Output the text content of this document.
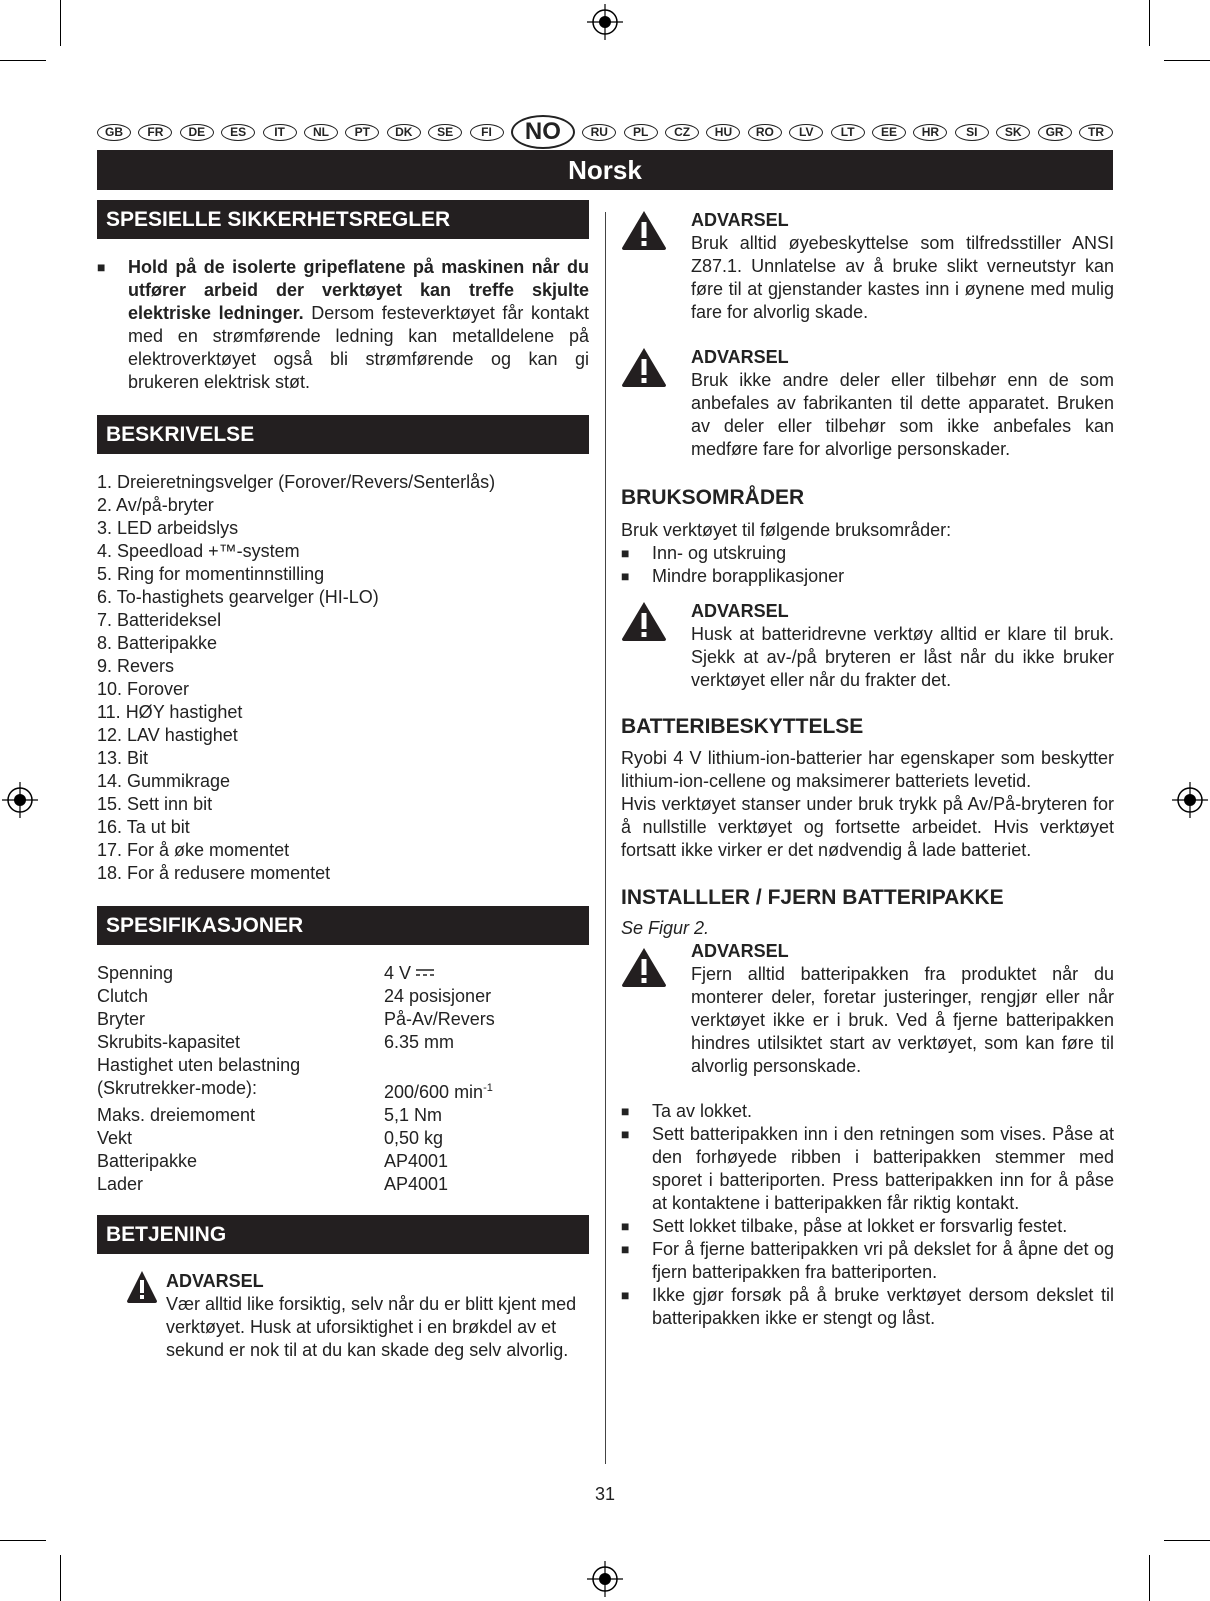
GB	FR	DE	ES	IT	NL	PT	DK	SE	FI	NO	RU	PL	CZ	HU	RO	LV	LT	EE	HR	SI	SK	GR	TR
Norsk
SPESIELLE SIKKERHETSREGLER
■	Hold på de isolerte gripeflatene på maskinen når du utfører arbeid der verktøyet kan treffe skjulte elektriske ledninger. Dersom festeverktøyet får kontakt med en strømførende ledning kan metalldelene på elektroverktøyet også bli strømførende og kan gi brukeren elektrisk støt.

BESKRIVELSE
1. Dreieretningsvelger (Forover/Revers/Senterlås)
2. Av/på-bryter
3. LED arbeidslys
4. Speedload +™-system
5. Ring for momentinnstilling
6. To-hastighets gearvelger (HI-LO)
7. Batterideksel
8. Batteripakke
9. Revers
10. Forover
11. HØY hastighet
12. LAV hastighet
13. Bit
14. Gummikrage
15. Sett inn bit
16. Ta ut bit
17. For å øke momentet
18. For å redusere momentet
SPESIFIKASJONER
Spenning	4 V
Clutch	24 posisjoner
Bryter	På-Av/Revers
Skrubits-kapasitet	6.35 mm
Hastighet uten belastning
(Skrutrekker-mode):	200/600 $\min^{-1}$
Maks. dreiemoment	5,1 Nm
Vekt	0,50 kg
Batteripakke	AP4001
Lader	AP4001
BETJENING
ADVARSEL

Vær alltid like forsiktig, selv når du er blitt kjent med verktøyet. Husk at uforsiktighet i en brøkdel av et sekund er nok til at du kan skade deg selv alvorlig.

ADVARSEL

Bruk alltid øyebeskyttelse som tilfredsstiller ANSI Z87.1. Unnlatelse av å bruke slikt verneutstyr kan føre til at gjenstander kastes inn i øynene med mulig fare for alvorlig skade.

ADVARSEL

Bruk ikke andre deler eller tilbehør enn de som anbefales av fabrikanten til dette apparatet. Bruken av deler eller tilbehør som ikke anbefales kan medføre fare for alvorlige personskader.

BRUKSOMRÅDER

Bruk verktøyet til følgende bruksområder:

■	Inn- og utskruing

■	Mindre borapplikasjoner

ADVARSEL

Husk at batteridrevne verktøy alltid er klare til bruk. Sjekk at av-/på bryteren er låst når du ikke bruker verktøyet eller når du frakter det.

BATTERIBESKYTTELSE

Ryobi 4 V lithium-ion-batterier har egenskaper som beskytter lithium-ion-cellene og maksimerer batteriets levetid.

Hvis verktøyet stanser under bruk trykk på Av/På-bryteren for å nullstille verktøyet og fortsette arbeidet. Hvis verktøyet fortsatt ikke virker er det nødvendig å lade batteriet.

INSTALLLER / FJERN BATTERIPAKKE

Se Figur 2.

ADVARSEL

Fjern alltid batteripakken fra produktet når du monterer deler, foretar justeringer, rengjør eller når verktøyet ikke er i bruk. Ved å fjerne batteripakken hindres utilsiktet start av verktøyet, som kan føre til alvorlig personskade.

■	Ta av lokket.

■	Sett batteripakken inn i den retningen som vises. Påse at den forhøyede ribben i batteripakken stemmer med sporet i batteriporten. Press batteripakken inn for å påse at kontaktene i batteripakken får riktig kontakt.

■	Sett lokket tilbake, påse at lokket er forsvarlig festet.

■	For å fjerne batteripakken vri på dekslet for å åpne det og fjern batteripakken fra batteriporten.

■	Ikke gjør forsøk på å bruke verktøyet dersom dekslet til batteripakken ikke er stengt og låst.

31
